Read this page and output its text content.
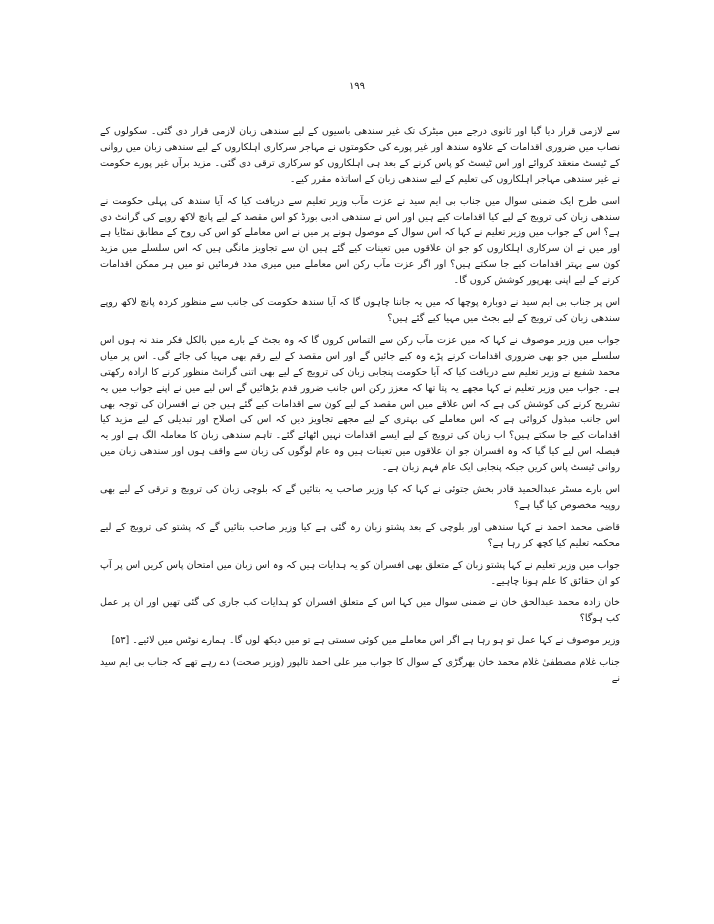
۱۹۹

سے لازمی قرار دیا گیا اور ثانوی درجے میں میٹرک تک غیر سندھی باسیوں کے لیے سندھی زبان لازمی قرار دی گئی۔ سکولوں کے نصاب میں ضروری اقدامات کے علاوہ سندھ اور غیر پورے کی حکومتوں نے مہاجر سرکاری اہلکاروں کے لیے سندھی زبان میں روانی کے ٹیسٹ منعقد کروائے اور اس ٹیسٹ کو پاس کرنے کے بعد ہی اہلکاروں کو سرکاری ترقی دی گئی۔ مزید برآں غیر پورے حکومت نے غیر سندھی مہاجر اہلکاروں کی تعلیم کے لیے سندھی زبان کے اساتذہ مقرر کیے۔

اسی طرح ایک ضمنی سوال میں جناب بی ایم سید نے عزت مآب وزیر تعلیم سے دریافت کیا کہ آیا سندھ کی پہلی حکومت نے سندھی زبان کی ترویج کے لیے کیا اقدامات کیے ہیں اور اس نے سندھی ادبی بورڈ کو اس مقصد کے لیے پانچ لاکھ روپے کی گرانٹ دی ہے؟ اس کے جواب میں وزیر تعلیم نے کہا کہ اس سوال کے موصول ہونے پر میں نے اس معاملے کو اس کی روح کے مطابق نمٹایا ہے اور میں نے ان سرکاری اہلکاروں کو جو ان علاقوں میں تعینات کیے گئے ہیں ان سے تجاویز مانگی ہیں کہ اس سلسلے میں مزید کون سے بہتر اقدامات کیے جا سکتے ہیں؟ اور اگر عزت مآب رکن اس معاملے میں میری مدد فرمائیں تو میں ہر ممکن اقدامات کرنے کے لیے اپنی بھرپور کوشش کروں گا۔

اس پر جناب بی ایم سید نے دوبارہ پوچھا کہ میں یہ جاننا چاہوں گا کہ آیا سندھ حکومت کی جانب سے منظور کردہ پانچ لاکھ روپے سندھی زبان کی ترویج کے لیے بجٹ میں مہیا کیے گئے ہیں؟

جواب میں وزیر موصوف نے کہا کہ میں عزت مآب رکن سے التماس کروں گا کہ وہ بجٹ کے بارے میں بالکل فکر مند نہ ہوں اس سلسلے میں جو بھی ضروری اقدامات کرنے پڑے وہ کیے جائیں گے اور اس مقصد کے لیے رقم بھی مہیا کی جائے گی۔ اس پر میاں محمد شفیع نے وزیر تعلیم سے دریافت کیا کہ آیا حکومت پنجابی زبان کی ترویج کے لیے بھی اتنی گرانٹ منظور کرنے کا ارادہ رکھتی ہے۔ جواب میں وزیر تعلیم نے کہا مجھے یہ پتا تھا کہ معزز رکن اس جانب ضرور قدم بڑھائیں گے اس لیے میں نے اپنے جواب میں یہ تشریح کرنے کی کوشش کی ہے کہ اس علاقے میں اس مقصد کے لیے کون سے اقدامات کیے گئے ہیں جن نے افسران کی توجہ بھی اس جانب مبذول کروائی ہے کہ اس معاملے کی بہتری کے لیے مجھے تجاویز دیں کہ اس کی اصلاح اور تبدیلی کے لیے مزید کیا اقدامات کیے جا سکتے ہیں؟ اب زبان کی ترویج کے لیے ایسے اقدامات نہیں اٹھائے گئے۔ تاہم سندھی زبان کا معاملہ الگ ہے اور یہ فیصلہ اس لیے کیا گیا کہ وہ افسران جو ان علاقوں میں تعینات ہیں وہ عام لوگوں کی زبان سے واقف ہوں اور سندھی زبان میں روانی ٹیسٹ پاس کریں جبکہ پنجابی ایک عام فہم زبان ہے۔

اس بارے مسٹر عبدالحمید قادر بخش جتوئی نے کہا کہ کیا وزیر صاحب یہ بتائیں گے کہ بلوچی زبان کی ترویج و ترقی کے لیے بھی روپیہ مخصوص کیا گیا ہے؟

قاضی محمد احمد نے کہا سندھی اور بلوچی کے بعد پشتو زبان رہ گئی ہے کیا وزیر صاحب بتائیں گے کہ پشتو کی ترویج کے لیے محکمہ تعلیم کیا کچھ کر رہا ہے؟

جواب میں وزیر تعلیم نے کہا پشتو زبان کے متعلق بھی افسران کو یہ ہدایات ہیں کہ وہ اس زبان میں امتحان پاس کریں اس پر آپ کو ان حقائق کا علم ہونا چاہیے۔

خان زادہ محمد عبدالحق خان نے ضمنی سوال میں کہا اس کے متعلق افسران کو ہدایات کب جاری کی گئی تھیں اور ان پر عمل کب ہوگا؟

وزیر موصوف نے کہا عمل تو ہو رہا ہے اگر اس معاملے میں کوئی سستی ہے تو میں دیکھ لوں گا۔ ہمارے نوٹس میں لائیے۔ [۵۳]

جناب غلام مصطفیٰ غلام محمد خان بھرگڑی کے سوال کا جواب میر علی احمد تالپور (وزیر صحت) دے رہے تھے کہ جناب بی ایم سید نے
